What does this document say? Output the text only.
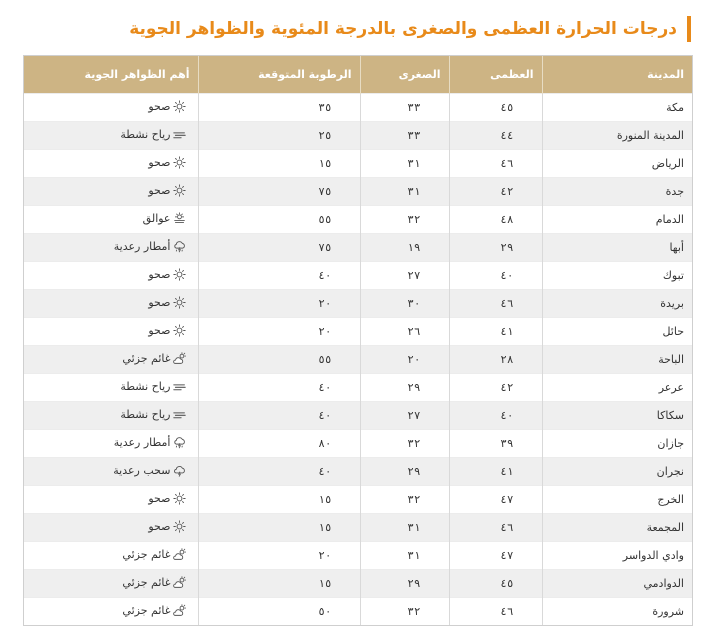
درجات الحرارة العظمى والصغرى بالدرجة المئوية والظواهر الجوية
المدينة	العظمى	الصغرى	الرطوبة المتوقعة	أهم الظواهر الجوية
مكة	٤٥	٣٣	٣٥	صحو

المدينة المنورة	٤٤	٣٣	٢٥	رياح نشطة

الرياض	٤٦	٣١	١٥	صحو

جدة	٤٢	٣١	٧٥	صحو

الدمام	٤٨	٣٢	٥٥	عوالق

أبها	٢٩	١٩	٧٥	أمطار رعدية

تبوك	٤٠	٢٧	٤٠	صحو

بريدة	٤٦	٣٠	٢٠	صحو

حائل	٤١	٢٦	٢٠	صحو

الباحة	٢٨	٢٠	٥٥	غائم جزئي

عرعر	٤٢	٢٩	٤٠	رياح نشطة

سكاكا	٤٠	٢٧	٤٠	رياح نشطة

جازان	٣٩	٣٢	٨٠	أمطار رعدية

نجران	٤١	٢٩	٤٠	سحب رعدية

الخرج	٤٧	٣٢	١٥	صحو

المجمعة	٤٦	٣١	١٥	صحو

وادي الدواسر	٤٧	٣١	٢٠	غائم جزئي

الدوادمي	٤٥	٢٩	١٥	غائم جزئي

شرورة	٤٦	٣٢	٥٠	غائم جزئي
